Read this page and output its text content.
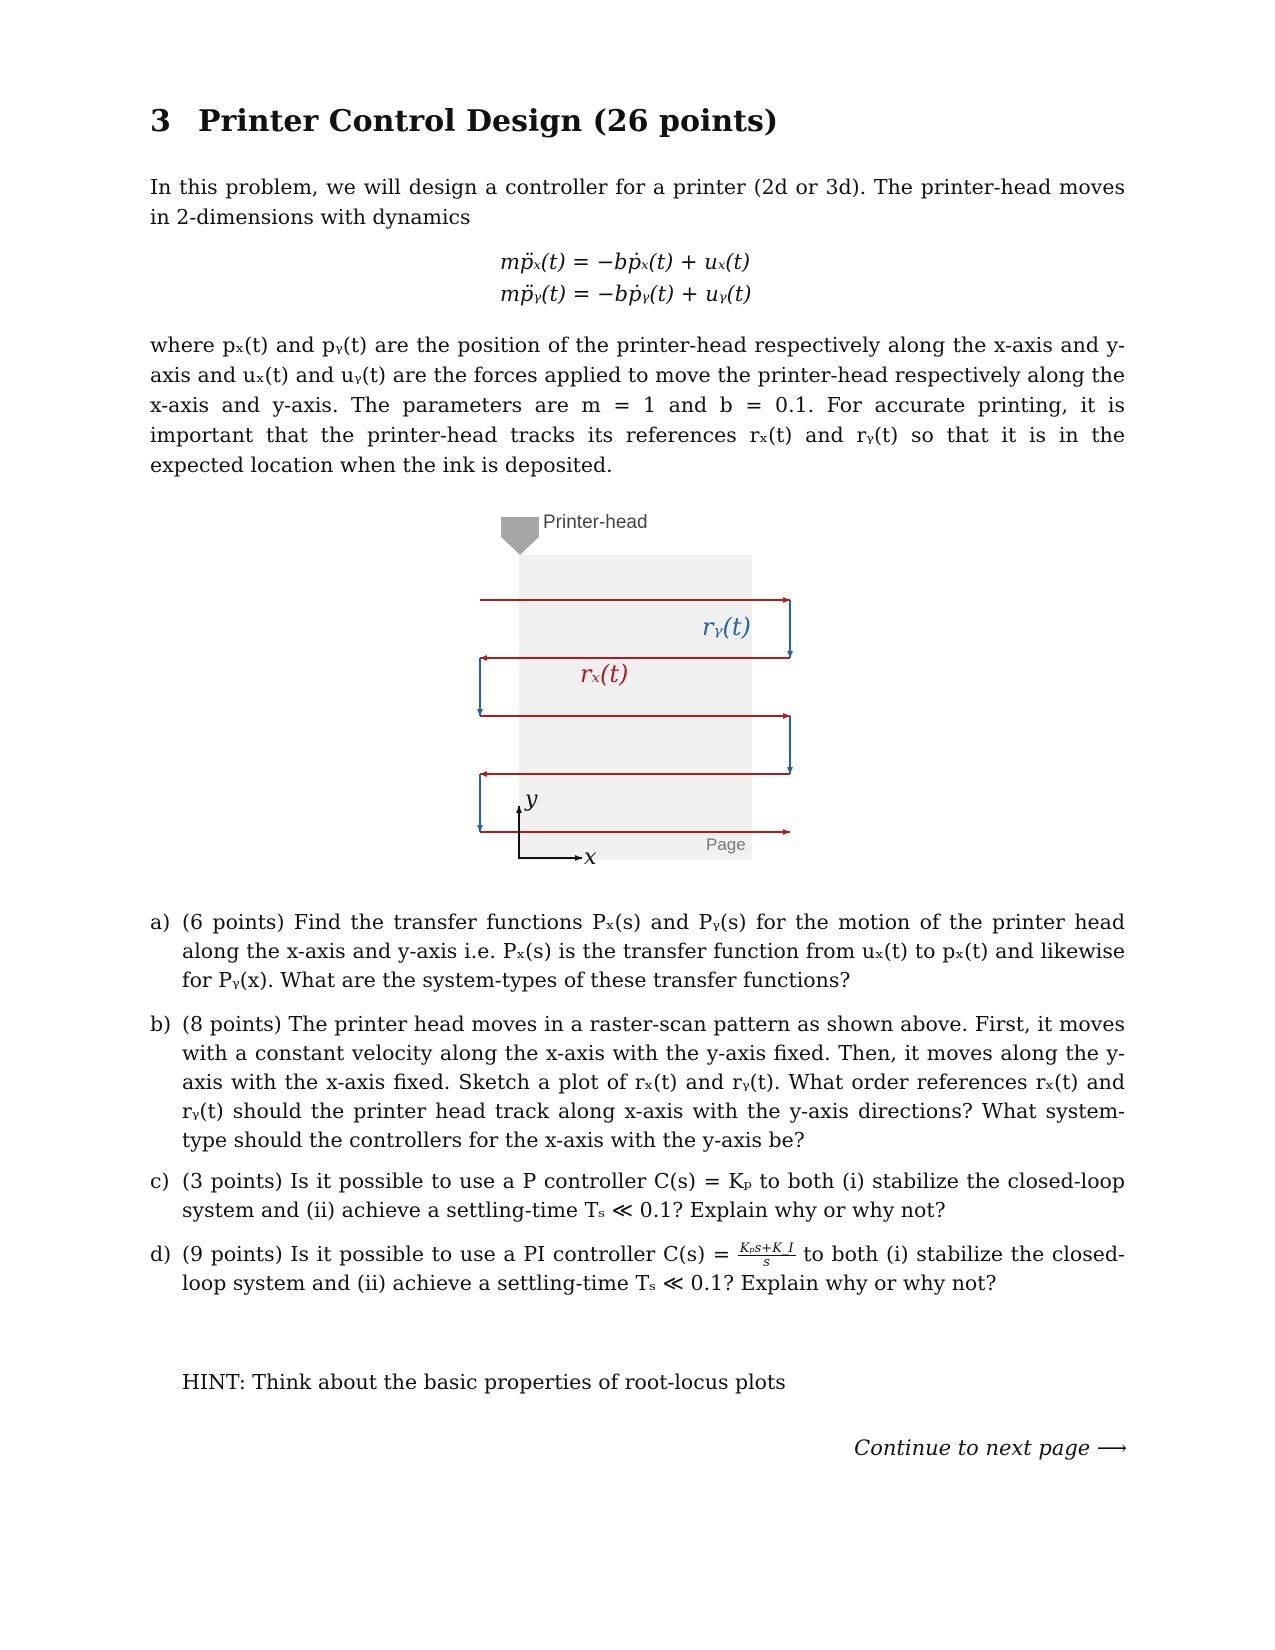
3 Printer Control Design (26 points)
In this problem, we will design a controller for a printer (2d or 3d). The printer-head moves in 2-dimensions with dynamics
mp̈ₓ(t) = −bṗₓ(t) + uₓ(t)
mp̈ᵧ(t) = −bṗᵧ(t) + uᵧ(t)
where pₓ(t) and pᵧ(t) are the position of the printer-head respectively along the x-axis and y-axis and uₓ(t) and uᵧ(t) are the forces applied to move the printer-head respectively along the x-axis and y-axis. The parameters are m = 1 and b = 0.1. For accurate printing, it is important that the printer-head tracks its references rₓ(t) and rᵧ(t) so that it is in the expected location when the ink is deposited.
Printer-head
rₓ(t)
rᵧ(t)
y
x
Page
a) (6 points) Find the transfer functions Pₓ(s) and Pᵧ(s) for the motion of the printer head along the x-axis and y-axis i.e. Pₓ(s) is the transfer function from uₓ(t) to pₓ(t) and likewise for Pᵧ(x). What are the system-types of these transfer functions?
b) (8 points) The printer head moves in a raster-scan pattern as shown above. First, it moves with a constant velocity along the x-axis with the y-axis fixed. Then, it moves along the y-axis with the x-axis fixed. Sketch a plot of rₓ(t) and rᵧ(t). What order references rₓ(t) and rᵧ(t) should the printer head track along x-axis with the y-axis directions? What system-type should the controllers for the x-axis with the y-axis be?
c) (3 points) Is it possible to use a P controller C(s) = Kₚ to both (i) stabilize the closed-loop system and (ii) achieve a settling-time Tₛ ≪ 0.1? Explain why or why not?
d) (9 points) Is it possible to use a PI controller $C(s) = \frac{\text{Kₚs+K\_I}}{s}$ to both (i) stabilize the closed-loop system and (ii) achieve a settling-time Tₛ ≪ 0.1? Explain why or why not?
HINT: Think about the basic properties of root-locus plots
Continue to next page ⟶
